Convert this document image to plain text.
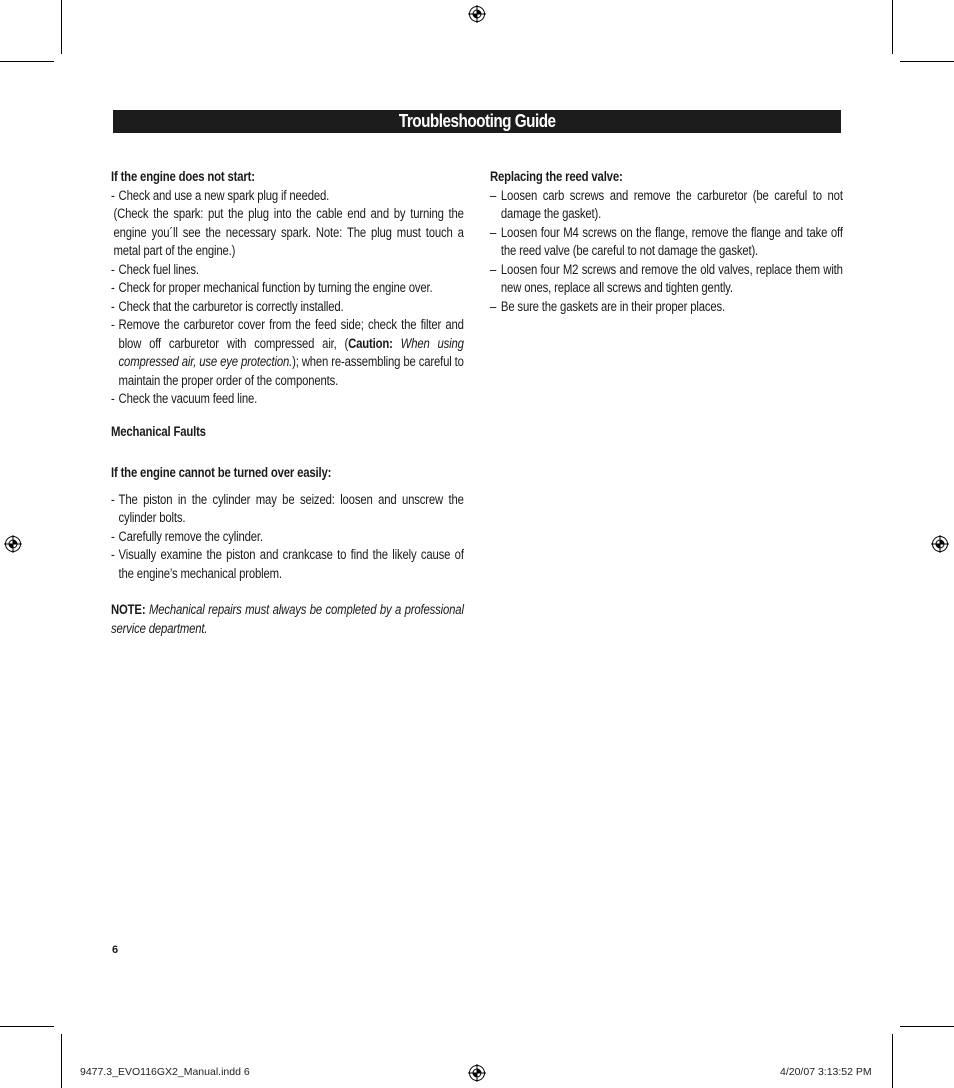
Troubleshooting Guide

If the engine does not start:

- Check and use a new spark plug if needed.

(Check the spark: put the plug into the cable end and by turning the engine you´ll see the necessary spark. Note: The plug must touch a metal part of the engine.)

- Check fuel lines.

- Check for proper mechanical function by turning the engine over.

- Check that the carburetor is correctly installed.

- Remove the carburetor cover from the feed side; check the filter and blow off carburetor with compressed air, (Caution: When using compressed air, use eye protection.); when re-assembling be careful to maintain the proper order of the components.

- Check the vacuum feed line.

Mechanical Faults

If the engine cannot be turned over easily:

- The piston in the cylinder may be seized: loosen and unscrew the cylinder bolts.

- Carefully remove the cylinder.

- Visually examine the piston and crankcase to find the likely cause of the engine’s mechanical problem.

NOTE: Mechanical repairs must always be completed by a professional service department.

Replacing the reed valve:

– Loosen carb screws and remove the carburetor (be careful to not damage the gasket).

– Loosen four M4 screws on the flange, remove the flange and take off the reed valve (be careful to not damage the gasket).

– Loosen four M2 screws and remove the old valves, replace them with new ones, replace all screws and tighten gently.

– Be sure the gaskets are in their proper places.

6
9477.3_EVO116GX2_Manual.indd 6	4/20/07 3:13:52 PM
